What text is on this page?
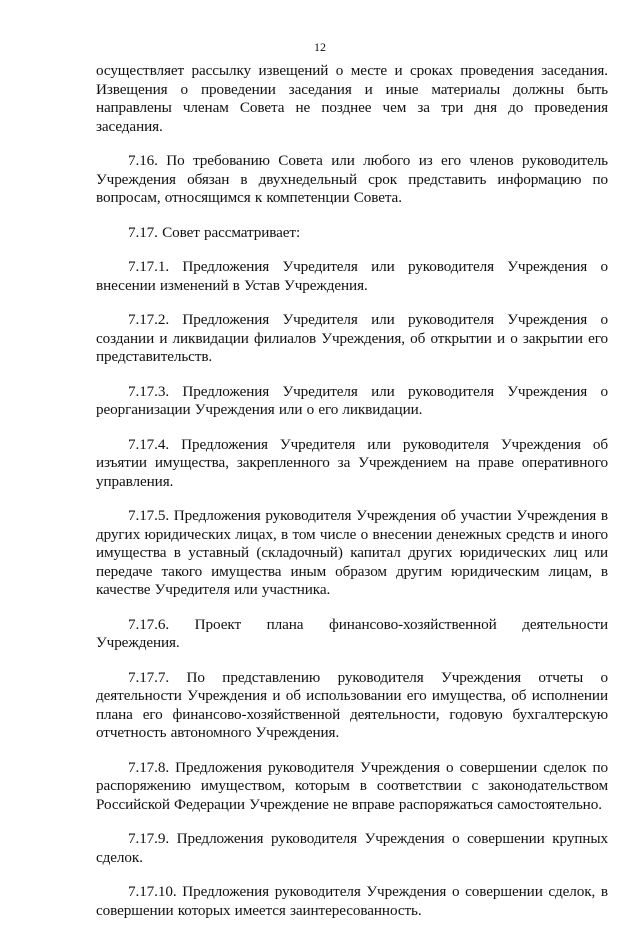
12

осуществляет рассылку извещений о месте и сроках проведения заседания. Извещения о проведении заседания и иные материалы должны быть направлены членам Совета не позднее чем за три дня до проведения заседания.

7.16. По требованию Совета или любого из его членов руководитель Учреждения обязан в двухнедельный срок представить информацию по вопросам, относящимся к компетенции Совета.

7.17. Совет рассматривает:

7.17.1. Предложения Учредителя или руководителя Учреждения о внесении изменений в Устав Учреждения.

7.17.2. Предложения Учредителя или руководителя Учреждения о создании и ликвидации филиалов Учреждения, об открытии и о закрытии его представительств.

7.17.3. Предложения Учредителя или руководителя Учреждения о реорганизации Учреждения или о его ликвидации.

7.17.4. Предложения Учредителя или руководителя Учреждения об изъятии имущества, закрепленного за Учреждением на праве оперативного управления.

7.17.5. Предложения руководителя Учреждения об участии Учреждения в других юридических лицах, в том числе о внесении денежных средств и иного имущества в уставный (складочный) капитал других юридических лиц или передаче такого имущества иным образом другим юридическим лицам, в качестве Учредителя или участника.

7.17.6. Проект плана финансово-хозяйственной деятельности Учреждения.

7.17.7. По представлению руководителя Учреждения отчеты о деятельности Учреждения и об использовании его имущества, об исполнении плана его финансово-хозяйственной деятельности, годовую бухгалтерскую отчетность автономного Учреждения.

7.17.8. Предложения руководителя Учреждения о совершении сделок по распоряжению имуществом, которым в соответствии с законодательством Российской Федерации Учреждение не вправе распоряжаться самостоятельно.

7.17.9. Предложения руководителя Учреждения о совершении крупных сделок.

7.17.10. Предложения руководителя Учреждения о совершении сделок, в совершении которых имеется заинтересованность.
